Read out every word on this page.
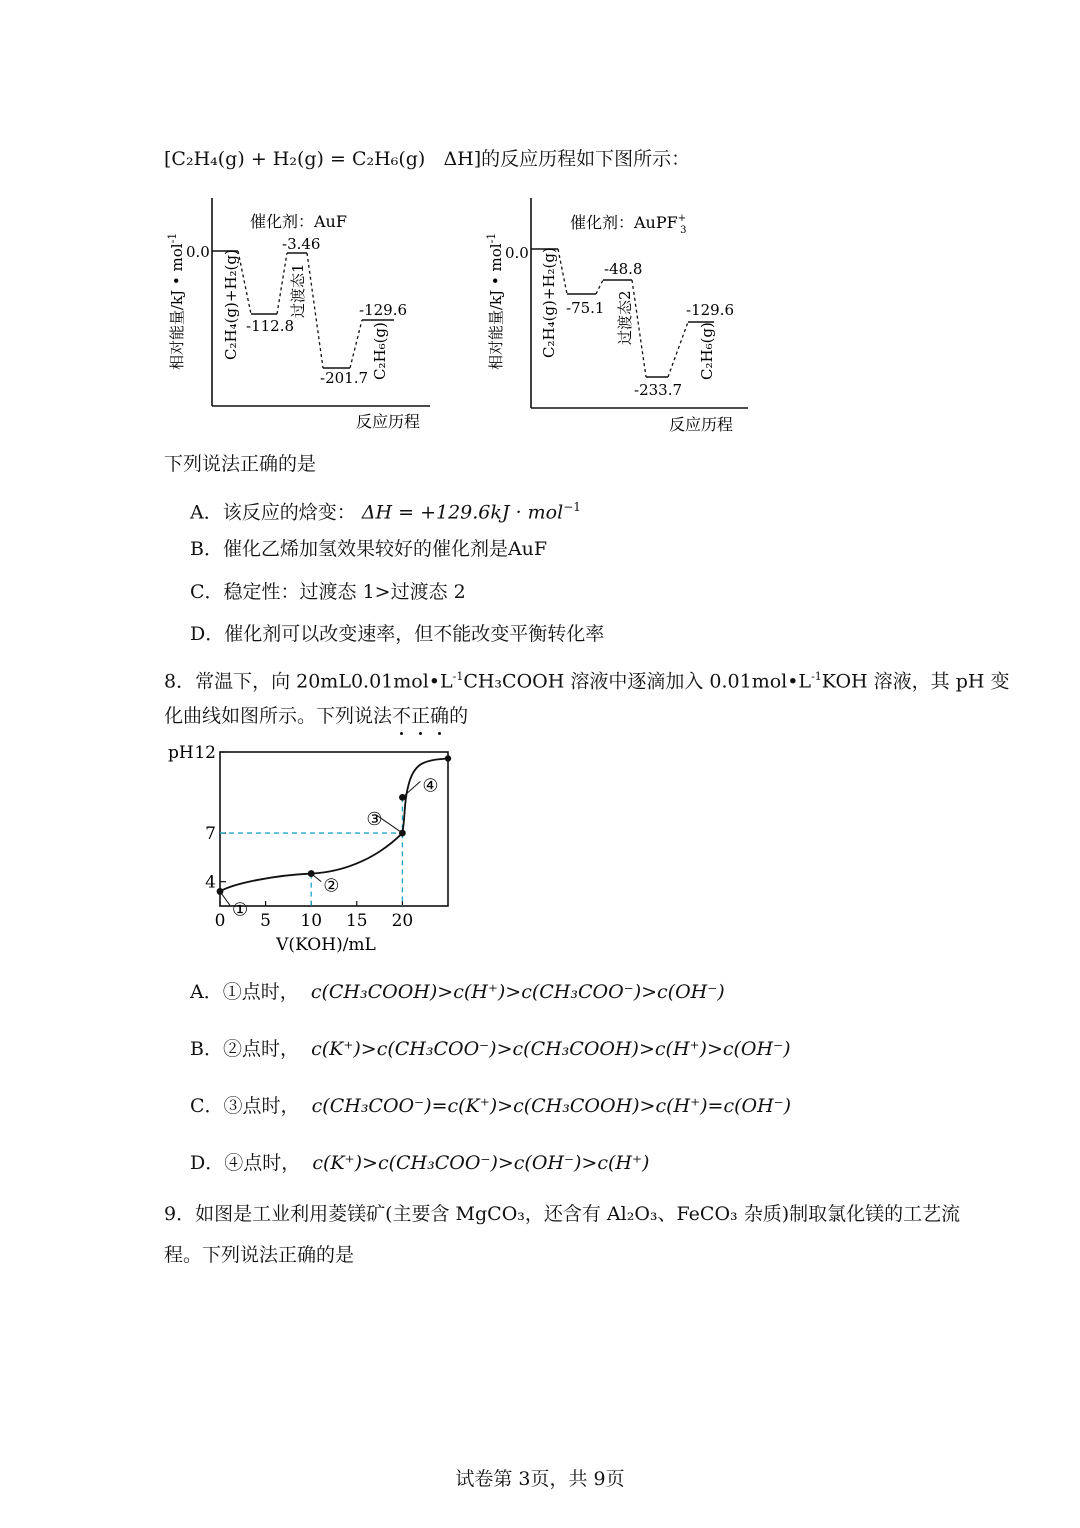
[C₂H₄(g) + H₂(g) = C₂H₆(g) ΔH]的反应历程如下图所示：
催化剂：AuF
相对能量/kJ • mol$^{-1}$
0.0 C₂H₄(g)+H₂(g) -112.8
-3.46
过渡态1
-201.7
-129.6
C₂H₆(g)
反应历程
催化剂：AuPF+ 3
相对能量/kJ • mol$^{-1}$
0.0 C₂H₄(g)+H₂(g) -75.1
-48.8
过渡态2
-233.7
-129.6
C₂H₆(g)
反应历程
下列说法正确的是
A．该反应的焓变： ΔH = +129.6kJ · mol$^{-1}$
B．催化乙烯加氢效果较好的催化剂是AuF
C．稳定性：过渡态 1>过渡态 2
D．催化剂可以改变速率，但不能改变平衡转化率
8．常温下，向 $20mL0.01mol•L^{-1}CH_3COOH$ 溶液中逐滴加入 $0.01mol•L^{-1}KOH$ 溶液，其 pH 变
化曲线如图所示。下列说法不正确的
0 5 10 15 20
4
7
12
pH
V(KOH)/mL
①
②
③
④
A．①点时， c(CH₃COOH)>c(H⁺)>c(CH₃COO⁻)>c(OH⁻)
B．②点时， c(K⁺)>c(CH₃COO⁻)>c(CH₃COOH)>c(H⁺)>c(OH⁻)
C．③点时， c(CH₃COO⁻)=c(K⁺)>c(CH₃COOH)>c(H⁺)=c(OH⁻)
D．④点时， c(K⁺)>c(CH₃COO⁻)>c(OH⁻)>c(H⁺)
9．如图是工业利用菱镁矿(主要含 MgCO₃，还含有 Al₂O₃、FeCO₃ 杂质)制取氯化镁的工艺流
程。下列说法正确的是
试卷第 3页，共 9页
